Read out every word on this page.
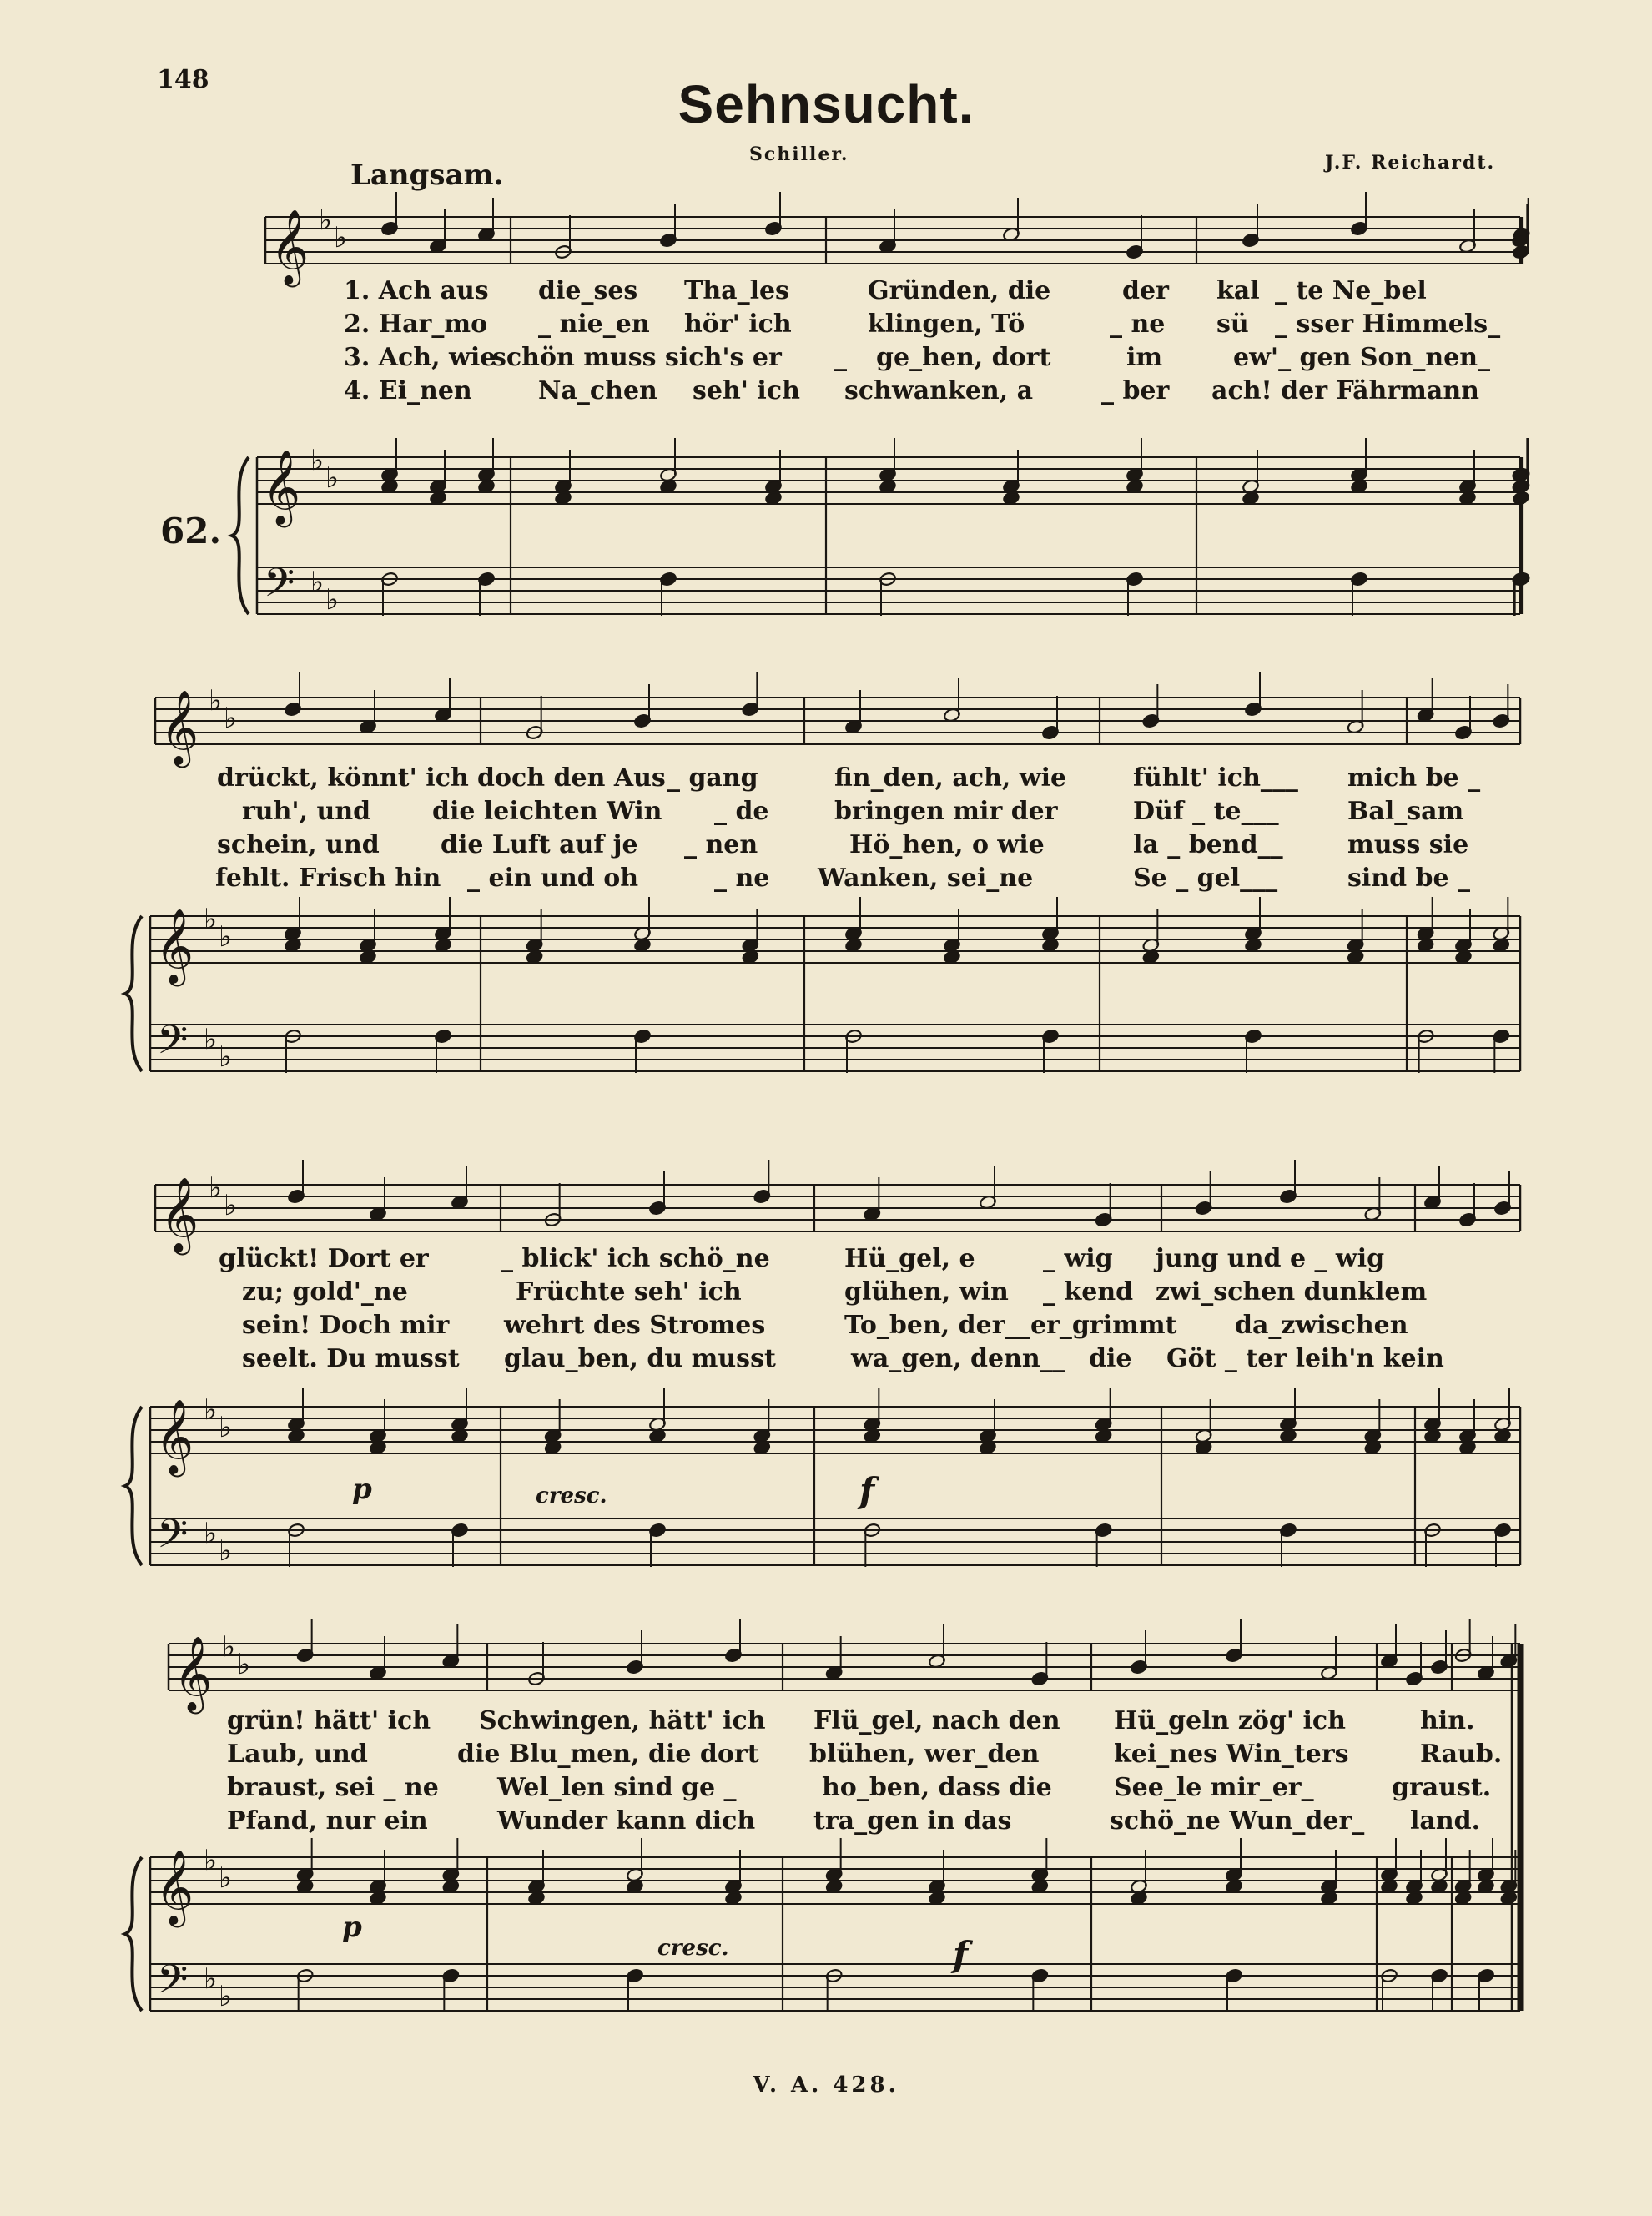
148	Sehnsucht.
Schiller.	J.F. Reichardt.
Langsam.
62.
𝄞
𝄞
𝄢
♭
♭
♭
♭
♭
♭
𝄞
𝄞
𝄢
♭
♭
♭
♭
♭
♭
𝄞
𝄞
𝄢
♭
♭
♭
♭
♭
♭
𝄞
𝄞
𝄢
♭
♭
♭
♭
♭
♭
1. Ach aus die_ses Tha_les	Gründen, die	der kal _ te Ne_bel
2. Har_mo _ nie_en hör' ich	klingen, Tö	_ ne sü _ sser Himmels_
3. Ach, wie
schön muss sich's er _ ge_hen, dort	im	ew'_ gen Son_nen_
4. Ei_nen	Na_chen seh' ich schwanken, a	_ ber ach! der Fährmann
drückt, könnt' ich doch den Aus _ gang	fin_den, ach, wie	fühlt' ich___ mich be _
ruh', und die leichten Win _ de	bringen mir der	Düf _ te___	Bal_sam
schein, und die Luft auf je _ nen	Hö_hen, o wie	la _ bend__	muss sie
fehlt. Frisch hin _ ein und oh	_ ne Wanken, sei_ne	Se _ gel___	sind be _
glückt! Dort er	_ blick' ich schö_ne	Hü_gel, e	_ wig jung und e _ wig
zu; gold'_ne	Früchte seh' ich	glühen, win _ kend zwi_schen dunklem
sein! Doch mir wehrt des Stromes	To_ben, der__ er_grimmt da_zwischen
seelt. Du musst glau_ben, du musst	wa_gen, denn__ die Göt _ ter leih'n kein
grün! hätt' ich Schwingen, hätt' ich Flü_gel, nach den Hü_geln zög' ich	hin.
Laub, und	die Blu_men, die dort blühen, wer_den	kei_nes Win_ters	Raub.
braust, sei _ ne Wel_len sind ge _	ho_ben, dass die See_le mir_er_	graust.
Pfand, nur ein	Wunder kann dich tra_gen in das	schö_ne Wun_der_ land.
p	cresc.	f
p
cresc.	f
V. A. 428.
